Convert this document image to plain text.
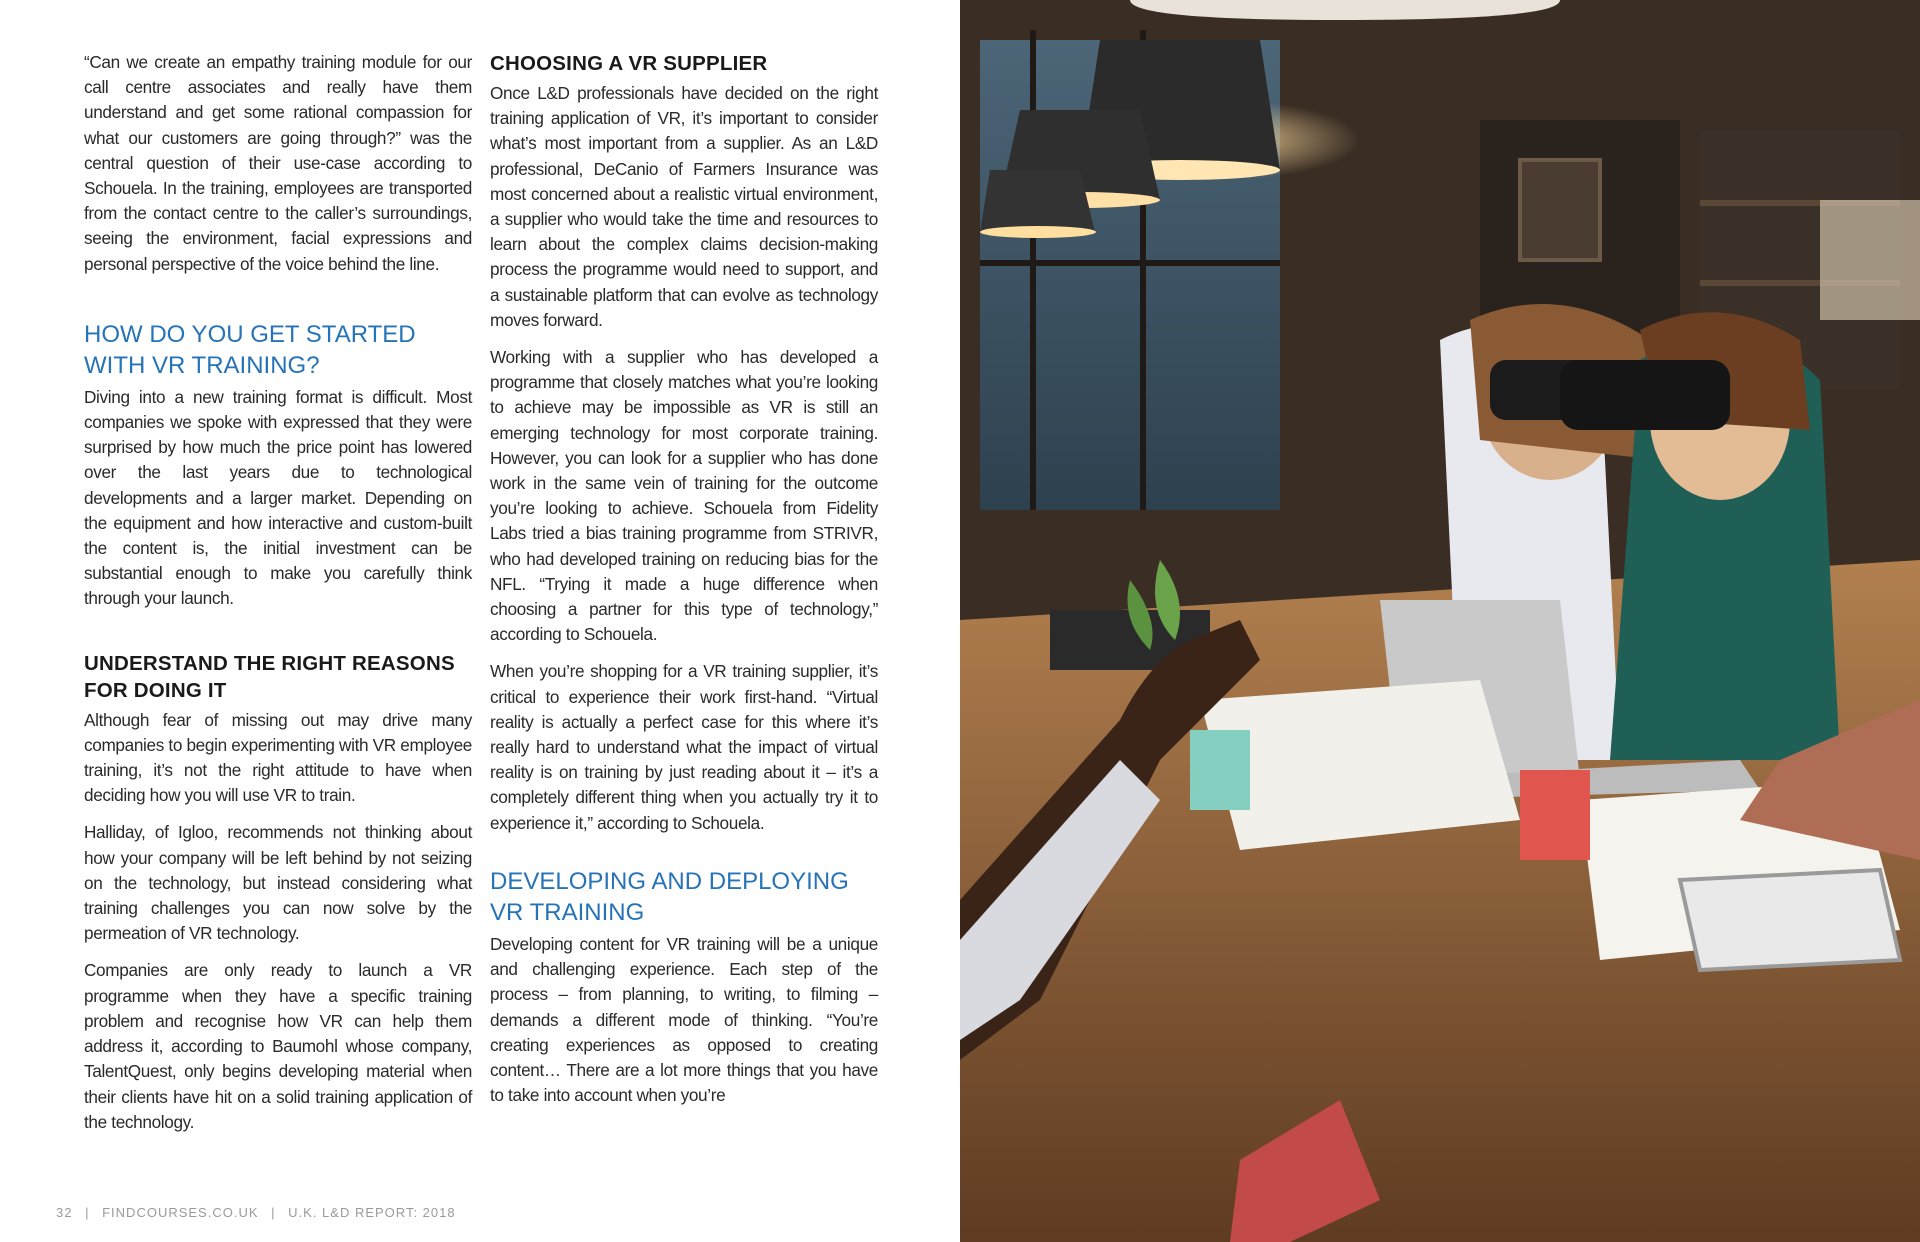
“Can we create an empathy training module for our call centre associates and really have them understand and get some rational compassion for what our customers are going through?” was the central question of their use-case according to Schouela. In the training, employees are transported from the contact centre to the caller’s surroundings, seeing the environment, facial expressions and personal perspective of the voice behind the line.

HOW DO YOU GET STARTED WITH VR TRAINING?

Diving into a new training format is difficult. Most companies we spoke with expressed that they were surprised by how much the price point has lowered over the last years due to technological developments and a larger market. Depending on the equipment and how interactive and custom-built the content is, the initial investment can be substantial enough to make you carefully think through your launch.

UNDERSTAND THE RIGHT REASONS FOR DOING IT

Although fear of missing out may drive many companies to begin experimenting with VR employee training, it’s not the right attitude to have when deciding how you will use VR to train.

Halliday, of Igloo, recommends not thinking about how your company will be left behind by not seizing on the technology, but instead considering what training challenges you can now solve by the permeation of VR technology.

Companies are only ready to launch a VR programme when they have a specific training problem and recognise how VR can help them address it, according to Baumohl whose company, TalentQuest, only begins developing material when their clients have hit on a solid training application of the technology.

CHOOSING A VR SUPPLIER

Once L&D professionals have decided on the right training application of VR, it’s important to consider what’s most important from a supplier. As an L&D professional, DeCanio of Farmers Insurance was most concerned about a realistic virtual environment, a supplier who would take the time and resources to learn about the complex claims decision-making process the programme would need to support, and a sustainable platform that can evolve as technology moves forward.

Working with a supplier who has developed a programme that closely matches what you’re looking to achieve may be impossible as VR is still an emerging technology for most corporate training. However, you can look for a supplier who has done work in the same vein of training for the outcome you’re looking to achieve. Schouela from Fidelity Labs tried a bias training programme from STRIVR, who had developed training on reducing bias for the NFL. “Trying it made a huge difference when choosing a partner for this type of technology,” according to Schouela.

When you’re shopping for a VR training supplier, it’s critical to experience their work first-hand. “Virtual reality is actually a perfect case for this where it’s really hard to understand what the impact of virtual reality is on training by just reading about it – it’s a completely different thing when you actually try it to experience it,” according to Schouela.

DEVELOPING AND DEPLOYING VR TRAINING

Developing content for VR training will be a unique and challenging experience. Each step of the process – from planning, to writing, to filming – demands a different mode of thinking. “You’re creating experiences as opposed to creating content… There are a lot more things that you have to take into account when you’re

32 | FINDCOURSES.CO.UK | U.K. L&D REPORT: 2018
